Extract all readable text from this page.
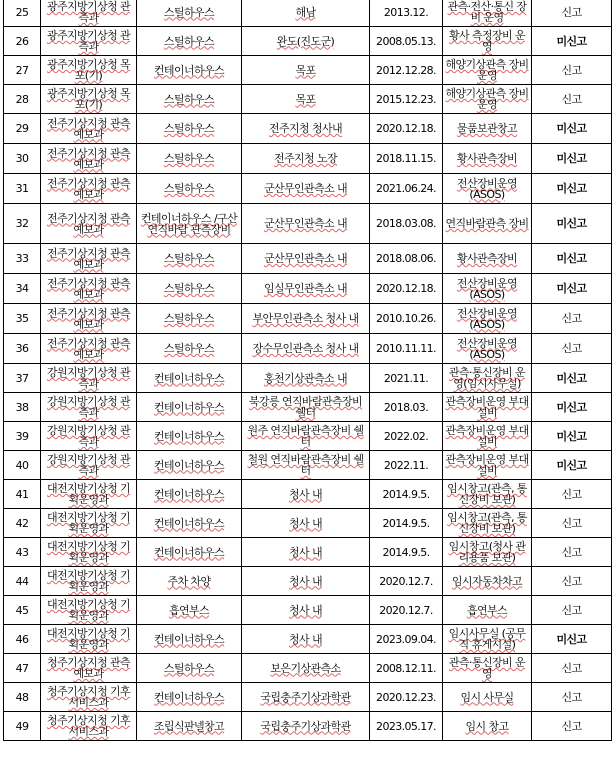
25	광주지방기상청 관측과	스틸하우스	해남	2013.12.	관측·전산·통신 장비 운영	신고
26	광주지방기상청 관측과	스틸하우스	완도(진도군)	2008.05.13.	황사 측정장비 운영	미신고
27	광주지방기상청 목포(기)	컨테이너하우스	목포	2012.12.28.	해양기상관측 장비 운영	신고
28	광주지방기상청 목포(기)	스틸하우스	목포	2015.12.23.	해양기상관측 장비 운영	신고
29	전주기상지청 관측예보과	스틸하우스	전주지청 청사내	2020.12.18.	물품보관창고	미신고
30	전주기상지청 관측예보과	스틸하우스	전주지청 노장	2018.11.15.	황사관측장비	미신고
31	전주기상지청 관측예보과	스틸하우스	군산무인관측소 내	2021.06.24.	전산장비운영 (ASOS)	미신고
32	전주기상지청 관측예보과	컨테이너하우스 /구산연직바람 관측장비	군산무인관측소 내	2018.03.08.	연직바람관측 장비	미신고
33	전주기상지청 관측예보과	스틸하우스	군산무인관측소 내	2018.08.06.	황사관측장비	미신고
34	전주기상지청 관측예보과	스틸하우스	임실무인관측소 내	2020.12.18.	전산장비운영 (ASOS)	미신고
35	전주기상지청 관측예보과	스틸하우스	부안무인관측소 청사 내	2010.10.26.	전산장비운영 (ASOS)	신고
36	전주기상지청 관측예보과	스틸하우스	장수무인관측소 청사 내	2010.11.11.	전산장비운영 (ASOS)	신고
37	강원지방기상청 관측과	컨테이너하우스	홍천기상관측소 내	2021.11.	관측·통신장비 운영(임시사무실)	미신고
38	강원지방기상청 관측과	컨테이너하우스	북강릉 연직바람관측장비 쉘터	2018.03.	관측장비운영 부대 설비	미신고
39	강원지방기상청 관측과	컨테이너하우스	원주 연직바람관측장비 쉘터	2022.02.	관측장비운영 부대 설비	미신고
40	강원지방기상청 관측과	컨테이너하우스	철원 연직바람관측장비 쉘터	2022.11.	관측장비운영 부대 설비	미신고
41	대전지방기상청 기획운영과	컨테이너하우스	청사 내	2014.9.5.	임시창고(관측, 통신장비 보관)	신고
42	대전지방기상청 기획운영과	컨테이너하우스	청사 내	2014.9.5.	임시창고(관측, 통신장비 보관)	신고
43	대전지방기상청 기획운영과	컨테이너하우스	청사 내	2014.9.5.	임시창고(청사 관리용품 보관)	신고
44	대전지방기상청 기획운영과	주차 차양	청사 내	2020.12.7.	임시자동차차고	신고
45	대전지방기상청 기획운영과	흡연부스	청사 내	2020.12.7.	흡연부스	신고
46	대전지방기상청 기획운영과	컨테이너하우스	청사 내	2023.09.04.	임시사무실 (공무직 휴게시설)	미신고
47	청주기상지청 관측예보과	스틸하우스	보은기상관측소	2008.12.11.	관측·통신장비 운영	신고
48	청주기상지청 기후서비스과	컨테이너하우스	국립충주기상과학관	2020.12.23.	임시 사무실	신고
49	청주기상지청 기후서비스과	조립식판넬창고	국립충주기상과학관	2023.05.17.	임시 창고	신고
